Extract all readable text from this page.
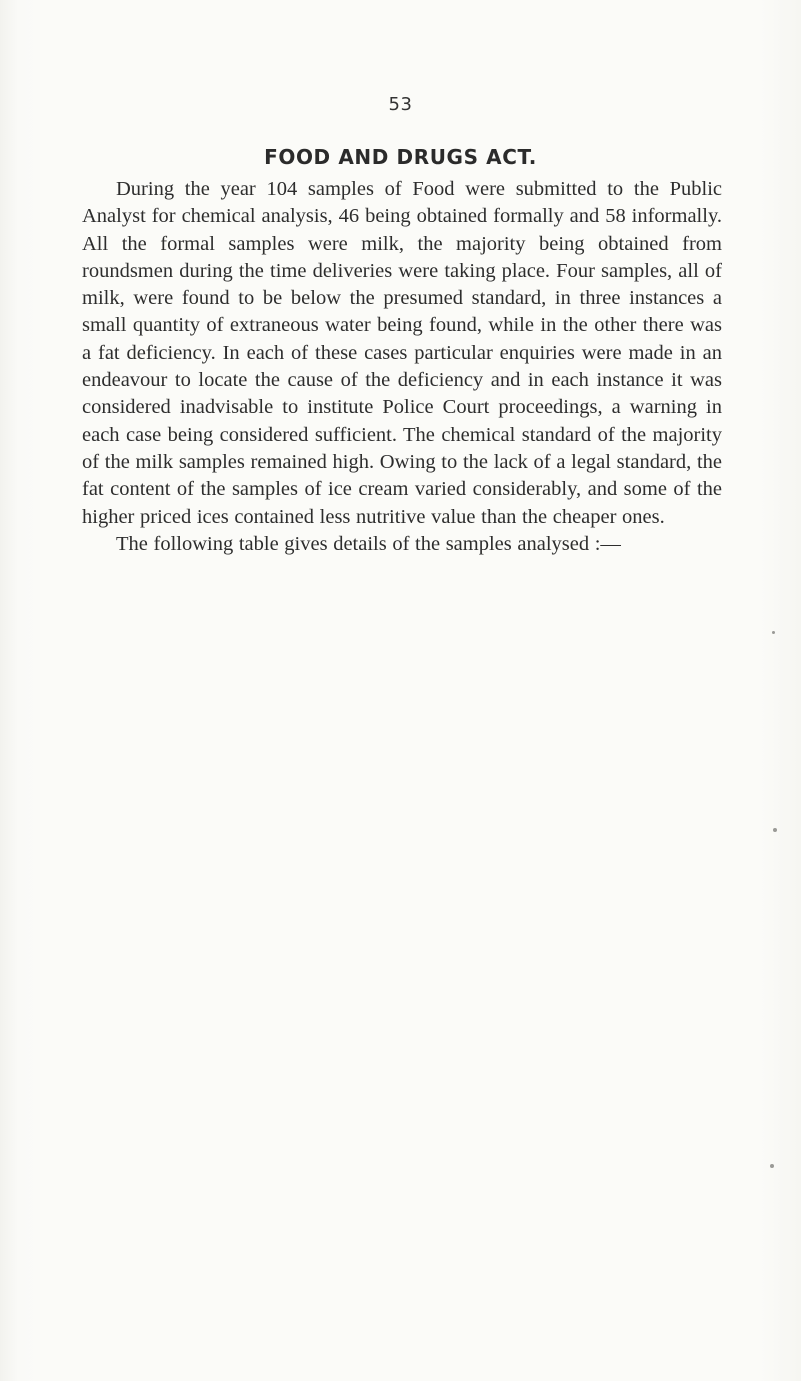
53
FOOD AND DRUGS ACT.

During the year 104 samples of Food were submitted to the Public Analyst for chemical analysis, 46 being obtained formally and 58 informally. All the formal samples were milk, the majority being obtained from roundsmen during the time deliveries were taking place. Four samples, all of milk, were found to be below the presumed standard, in three instances a small quantity of extraneous water being found, while in the other there was a fat deficiency. In each of these cases particular enquiries were made in an endeavour to locate the cause of the deficiency and in each instance it was considered inadvisable to institute Police Court proceedings, a warning in each case being considered sufficient. The chemical standard of the majority of the milk samples remained high. Owing to the lack of a legal standard, the fat content of the samples of ice cream varied considerably, and some of the higher priced ices contained less nutritive value than the cheaper ones.

The following table gives details of the samples analysed :—
